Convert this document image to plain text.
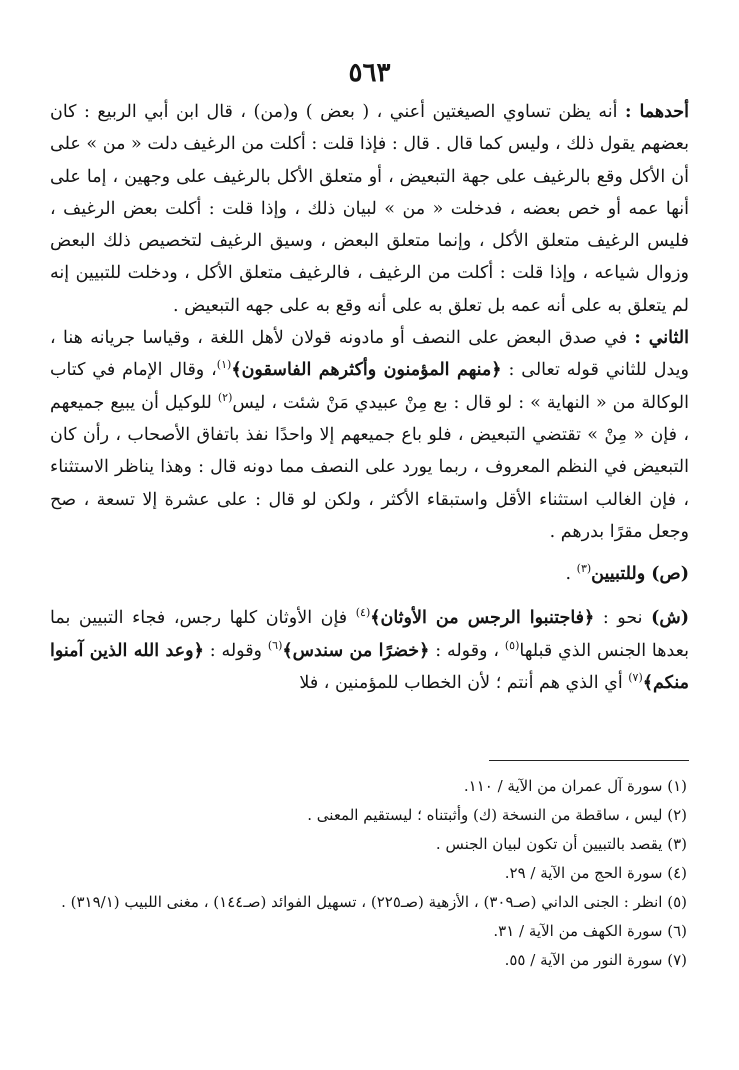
٥٦٣

أحدهما : أنه يظن تساوي الصيغتين أعني ، ( بعض ) و(من) ، قال ابن أبي الربيع : كان بعضهم يقول ذلك ، وليس كما قال . قال : فإذا قلت : أكلت من الرغيف دلت « من » على أن الأكل وقع بالرغيف على جهة التبعيض ، أو متعلق الأكل بالرغيف على وجهين ، إما على أنها عمه أو خص بعضه ، فدخلت « من » لبيان ذلك ، وإذا قلت : أكلت بعض الرغيف ، فليس الرغيف متعلق الأكل ، وإنما متعلق البعض ، وسيق الرغيف لتخصيص ذلك البعض وزوال شياعه ، وإذا قلت : أكلت من الرغيف ، فالرغيف متعلق الأكل ، ودخلت للتبيين إنه لم يتعلق به على أنه عمه بل تعلق به على أنه وقع به على جهه التبعيض .

الثاني : في صدق البعض على النصف أو مادونه قولان لأهل اللغة ، وقياسا جريانه هنا ، ويدل للثاني قوله تعالى : ﴿منهم المؤمنون وأكثرهم الفاسقون﴾$^{(١)}$، وقال الإمام في كتاب الوكالة من « النهاية » : لو قال : بع مِنْ عبيدي مَنْ شئت ، ليس$^{(٢)}$ للوكيل أن يبيع جميعهم ، فإن « مِنْ » تقتضي التبعيض ، فلو باع جميعهم إلا واحدًا نفذ باتفاق الأصحاب ، رأن كان التبعيض في النظم المعروف ، ربما يورد على النصف مما دونه قال : وهذا يناظر الاستثناء ، فإن الغالب استثناء الأقل واستبقاء الأكثر ، ولكن لو قال : على عشرة إلا تسعة ، صح وجعل مقرًا بدرهم .

(ص) وللتبيين$^{(٣)}$ .

(ش) نحو : ﴿فاجتنبوا الرجس من الأوثان﴾$^{(٤)}$ فإن الأوثان كلها رجس، فجاء التبيين بما بعدها الجنس الذي قبلها$^{(٥)}$ ، وقوله : ﴿خضرًا من سندس﴾$^{(٦)}$ وقوله : ﴿وعد الله الذين آمنوا منكم﴾$^{(٧)}$ أي الذي هم أنتم ؛ لأن الخطاب للمؤمنين ، فلا

(١) سورة آل عمران من الآية / ١١٠.

(٢) ليس ، ساقطة من النسخة (ك) وأثبتناه ؛ ليستقيم المعنى .

(٣) يقصد بالتبيين أن تكون لبيان الجنس .

(٤) سورة الحج من الآية / ٢٩.

(٥) انظر : الجنى الداني (صـ٣٠٩) ، الأزهية (صـ٢٢٥) ، تسهيل الفوائد (صـ١٤٤) ، مغنى اللبيب (٣١٩/١) .

(٦) سورة الكهف من الآية / ٣١.

(٧) سورة النور من الآية / ٥٥.
